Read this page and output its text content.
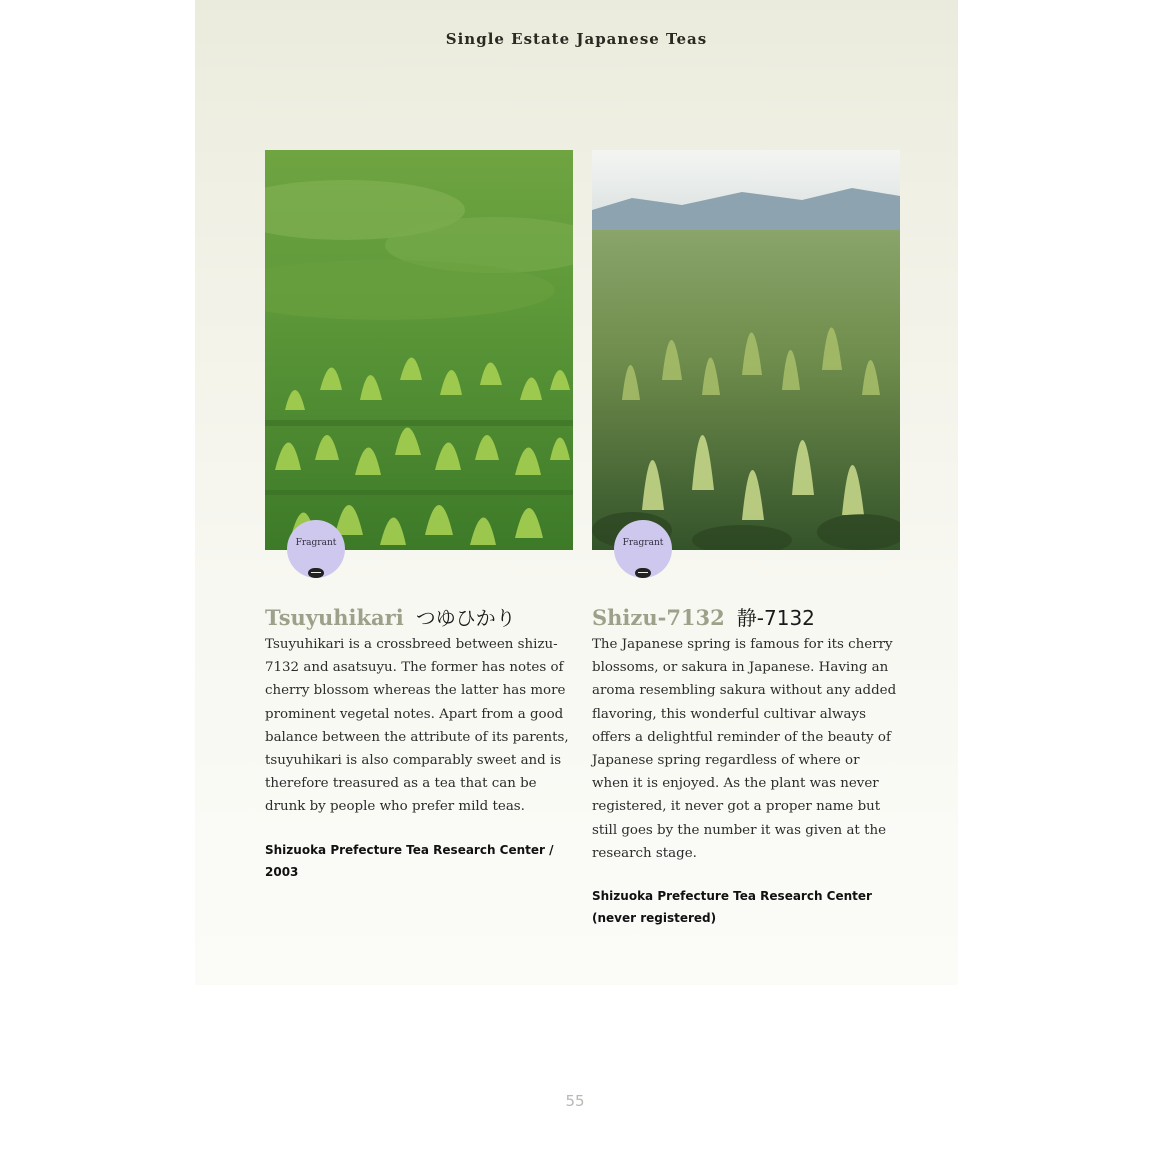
Single Estate Japanese Teas
Fragrant
Tsuyuhikari つゆひかり
Tsuyuhikari is a crossbreed between shizu-7132 and asatsuyu. The former has notes of cherry blossom whereas the latter has more prominent vegetal notes. Apart from a good balance between the attribute of its parents, tsuyuhikari is also comparably sweet and is therefore treasured as a tea that can be drunk by people who prefer mild teas.
Shizuoka Prefecture Tea Research Center / 2003
Fragrant
Shizu-7132 静-7132
The Japanese spring is famous for its cherry blossoms, or sakura in Japanese. Having an aroma resembling sakura without any added flavoring, this wonderful cultivar always offers a delightful reminder of the beauty of Japanese spring regardless of where or when it is enjoyed. As the plant was never registered, it never got a proper name but still goes by the number it was given at the research stage.
Shizuoka Prefecture Tea Research Center (never registered)
55
